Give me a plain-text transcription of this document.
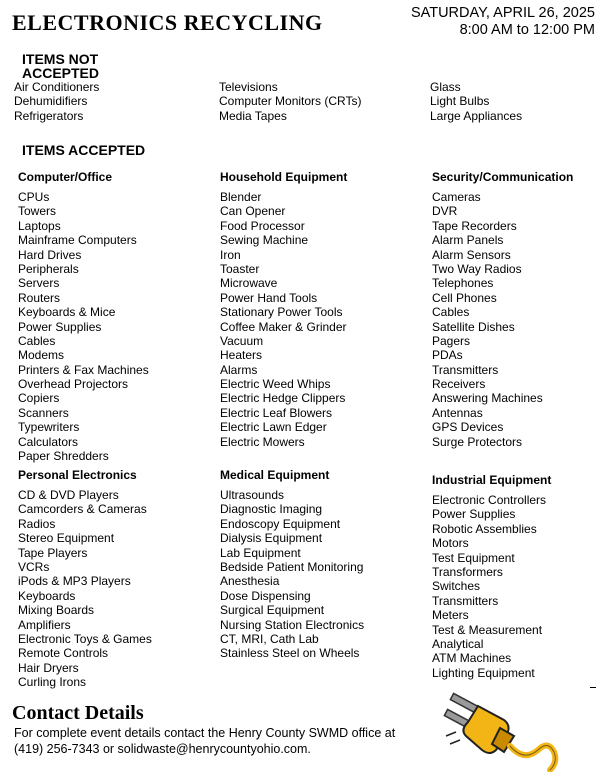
ELECTRONICS RECYCLING	SATURDAY, APRIL 26, 2025
8:00 AM to 12:00 PM
ITEMS NOT ACCEPTED
Air Conditioners
Dehumidifiers
Refrigerators
Televisions
Computer Monitors (CRTs)
Media Tapes
Glass
Light Bulbs
Large Appliances
ITEMS ACCEPTED
Computer/Office
CPUs
Towers
Laptops
Mainframe Computers
Hard Drives
Peripherals
Servers
Routers
Keyboards & Mice
Power Supplies
Cables
Modems
Printers & Fax Machines
Overhead Projectors
Copiers
Scanners
Typewriters
Calculators
Paper Shredders
Household Equipment
Blender
Can Opener
Food Processor
Sewing Machine
Iron
Toaster
Microwave
Power Hand Tools
Stationary Power Tools
Coffee Maker & Grinder
Vacuum
Heaters
Alarms
Electric Weed Whips
Electric Hedge Clippers
Electric Leaf Blowers
Electric Lawn Edger
Electric Mowers
Security/Communication
Cameras
DVR
Tape Recorders
Alarm Panels
Alarm Sensors
Two Way Radios
Telephones
Cell Phones
Cables
Satellite Dishes
Pagers
PDAs
Transmitters
Receivers
Answering Machines
Antennas
GPS Devices
Surge Protectors
Personal Electronics
CD & DVD Players
Camcorders & Cameras
Radios
Stereo Equipment
Tape Players
VCRs
iPods & MP3 Players
Keyboards
Mixing Boards
Amplifiers
Electronic Toys & Games
Remote Controls
Hair Dryers
Curling Irons
Medical Equipment
Ultrasounds
Diagnostic Imaging
Endoscopy Equipment
Dialysis Equipment
Lab Equipment
Bedside Patient Monitoring
Anesthesia
Dose Dispensing
Surgical Equipment
Nursing Station Electronics
CT, MRI, Cath Lab
Stainless Steel on Wheels
Industrial Equipment
Electronic Controllers
Power Supplies
Robotic Assemblies
Motors
Test Equipment
Transformers
Switches
Transmitters
Meters
Test & Measurement
Analytical
ATM Machines
Lighting Equipment
Contact Details
For complete event details contact the Henry County SWMD office at
(419) 256-7343 or solidwaste@henrycountyohio.com.
